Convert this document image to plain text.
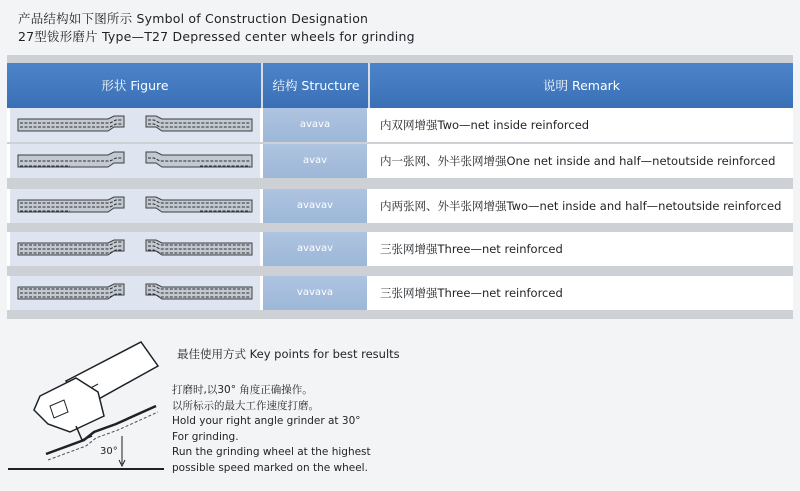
产品结构如下图所示 Symbol of Construction Designation
27型钹形磨片 Type—T27 Depressed center wheels for grinding
形状 Figure	结构 Structure	说明 Remark
avava	内双网增强Two—net inside reinforced
avav	内一张网、外半张网增强One net inside and half—netoutside reinforced
avavav	内两张网、外半张网增强Two—net inside and half—netoutside reinforced
avavav	三张网增强Three—net reinforced
vavava	三张网增强Three—net reinforced
30°
最佳使用方式 Key points for best results
打磨时,以30° 角度正确操作。
以所标示的最大工作速度打磨。
Hold your right angle grinder at 30°
For grinding.
Run the grinding wheel at the highest
possible speed marked on the wheel.
